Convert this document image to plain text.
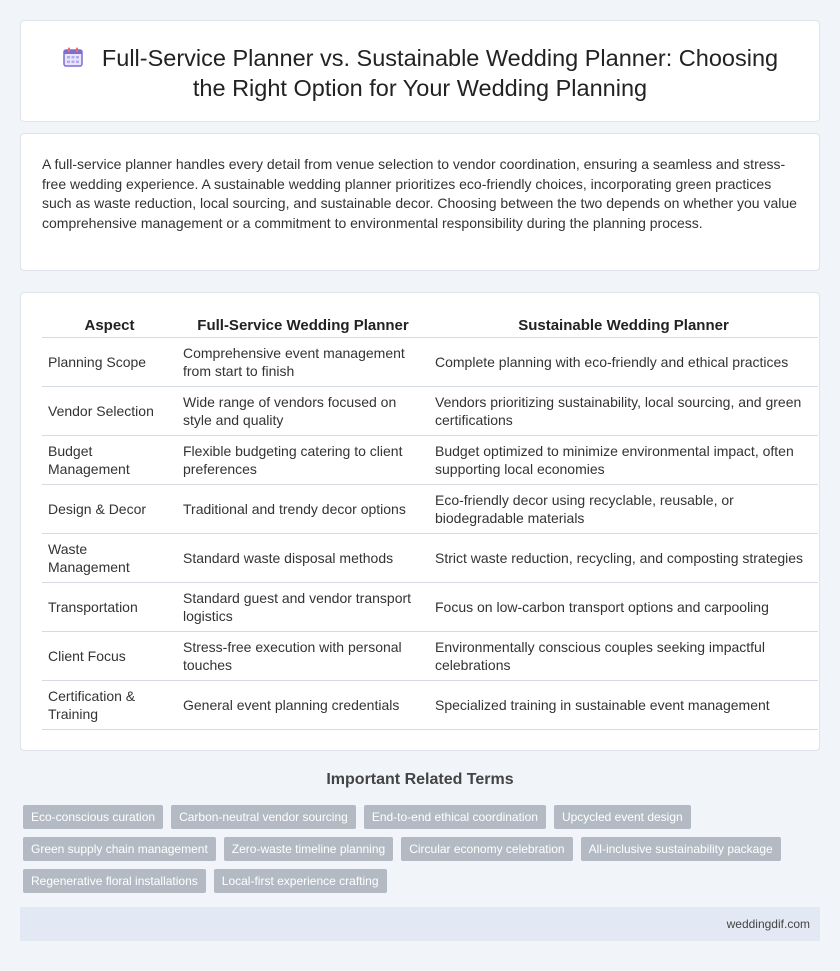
Full-Service Planner vs. Sustainable Wedding Planner: Choosing the Right Option for Your Wedding Planning

A full-service planner handles every detail from venue selection to vendor coordination, ensuring a seamless and stress-free wedding experience. A sustainable wedding planner prioritizes eco-friendly choices, incorporating green practices such as waste reduction, local sourcing, and sustainable decor. Choosing between the two depends on whether you value comprehensive management or a commitment to environmental responsibility during the planning process.

Aspect	Full-Service Wedding Planner	Sustainable Wedding Planner
Planning Scope	Comprehensive event management from start to finish	Complete planning with eco-friendly and ethical practices
Vendor Selection	Wide range of vendors focused on style and quality	Vendors prioritizing sustainability, local sourcing, and green certifications
Budget Management	Flexible budgeting catering to client preferences	Budget optimized to minimize environmental impact, often supporting local economies
Design & Decor	Traditional and trendy decor options	Eco-friendly decor using recyclable, reusable, or biodegradable materials
Waste Management	Standard waste disposal methods	Strict waste reduction, recycling, and composting strategies
Transportation	Standard guest and vendor transport logistics	Focus on low-carbon transport options and carpooling
Client Focus	Stress-free execution with personal touches	Environmentally conscious couples seeking impactful celebrations
Certification & Training	General event planning credentials	Specialized training in sustainable event management
Important Related Terms
Eco-conscious curation	Carbon-neutral vendor sourcing	End-to-end ethical coordination	Upcycled event design
Green supply chain management	Zero-waste timeline planning	Circular economy celebration	All-inclusive sustainability package
Regenerative floral installations	Local-first experience crafting
weddingdif.com
